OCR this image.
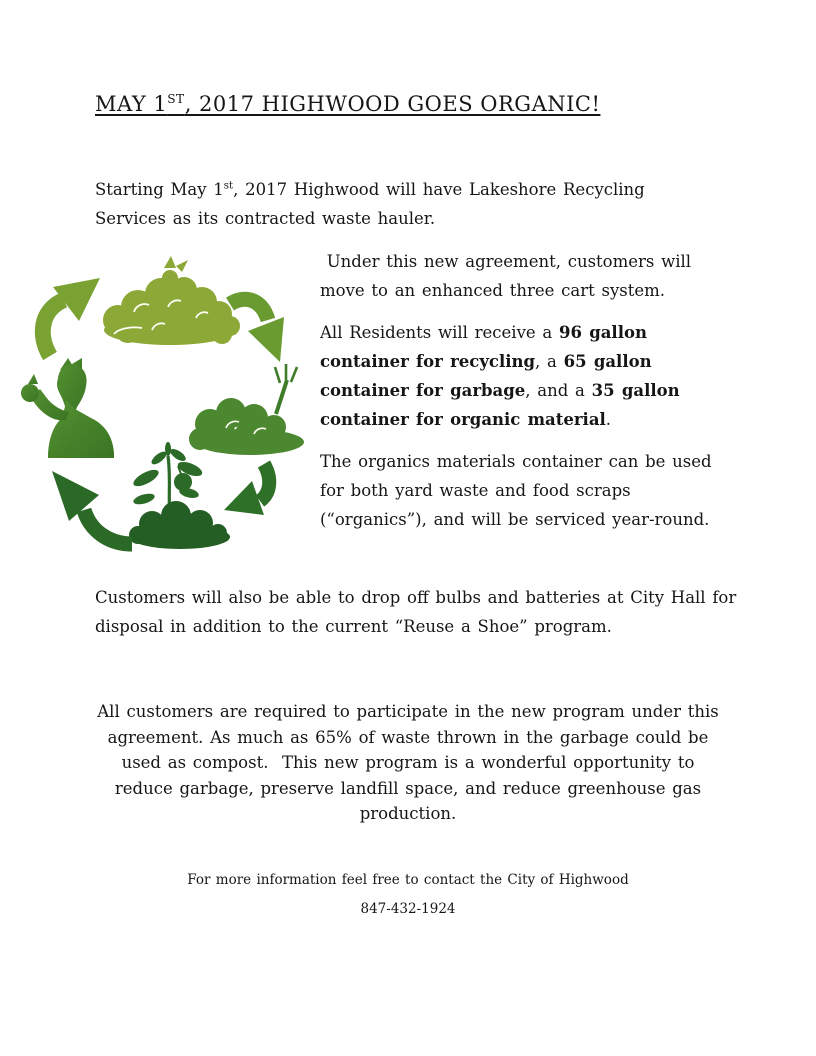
MAY 1ST, 2017 HIGHWOOD GOES ORGANIC!

Starting May 1st, 2017 Highwood will have Lakeshore Recycling Services as its contracted waste hauler.

Under this new agreement, customers will move to an enhanced three cart system.

All Residents will receive a 96 gallon container for recycling, a 65 gallon container for garbage, and a 35 gallon container for organic material.

The organics materials container can be used for both yard waste and food scraps (“organics”), and will be serviced year-round.

Customers will also be able to drop off bulbs and batteries at City Hall for disposal in addition to the current “Reuse a Shoe” program.

All customers are required to participate in the new program under this agreement. As much as 65% of waste thrown in the garbage could be used as compost.  This new program is a wonderful opportunity to reduce garbage, preserve landfill space, and reduce greenhouse gas production.

For more information feel free to contact the City of Highwood

847-432-1924
